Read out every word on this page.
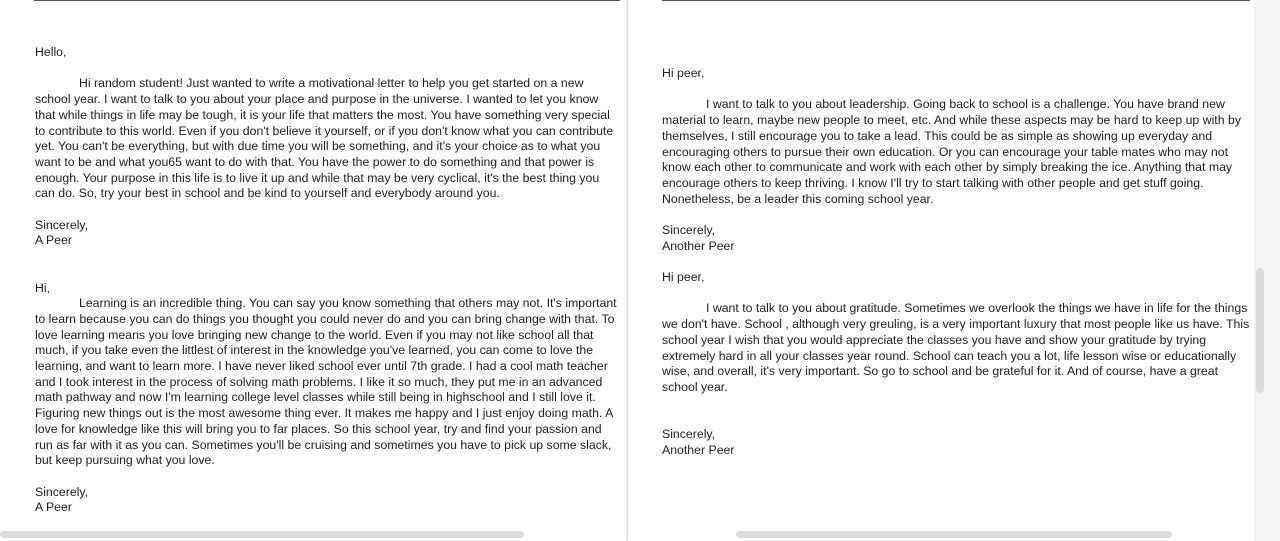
Hello,

Hi random student! Just wanted to write a motivational letter to help you get started on a new school year. I want to talk to you about your place and purpose in the universe. I wanted to let you know that while things in life may be tough, it is your life that matters the most. You have something very special to contribute to this world. Even if you don't believe it yourself, or if you don't know what you can contribute yet. You can't be everything, but with due time you will be something, and it's your choice as to what you want to be and what you65 want to do with that. You have the power to do something and that power is enough. Your purpose in this life is to live it up and while that may be very cyclical, it's the best thing you can do. So, try your best in school and be kind to yourself and everybody around you.

Sincerely,

A Peer

Hi,

Learning is an incredible thing. You can say you know something that others may not. It's important to learn because you can do things you thought you could never do and you can bring change with that. To love learning means you love bringing new change to the world. Even if you may not like school all that much, if you take even the littlest of interest in the knowledge you've learned, you can come to love the learning, and want to learn more. I have never liked school ever until 7th grade. I had a cool math teacher and I took interest in the process of solving math problems. I like it so much, they put me in an advanced math pathway and now I'm learning college level classes while still being in highschool and I still love it. Figuring new things out is the most awesome thing ever. It makes me happy and I just enjoy doing math. A love for knowledge like this will bring you to far places. So this school year, try and find your passion and run as far with it as you can. Sometimes you'll be cruising and sometimes you have to pick up some slack, but keep pursuing what you love.

Sincerely,

A Peer

Hi peer,

I want to talk to you about leadership. Going back to school is a challenge. You have brand new material to learn, maybe new people to meet, etc. And while these aspects may be hard to keep up with by themselves, I still encourage you to take a lead. This could be as simple as showing up everyday and encouraging others to pursue their own education. Or you can encourage your table mates who may not know each other to communicate and work with each other by simply breaking the ice. Anything that may encourage others to keep thriving. I know I'll try to start talking with other people and get stuff going. Nonetheless, be a leader this coming school year.

Sincerely,

Another Peer

Hi peer,

I want to talk to you about gratitude. Sometimes we overlook the things we have in life for the things we don't have. School , although very greuling, is a very important luxury that most people like us have. This school year I wish that you would appreciate the classes you have and show your gratitude by trying extremely hard in all your classes year round. School can teach you a lot, life lesson wise or educationally wise, and overall, it's very important. So go to school and be grateful for it. And of course, have a great school year.

Sincerely,

Another Peer
